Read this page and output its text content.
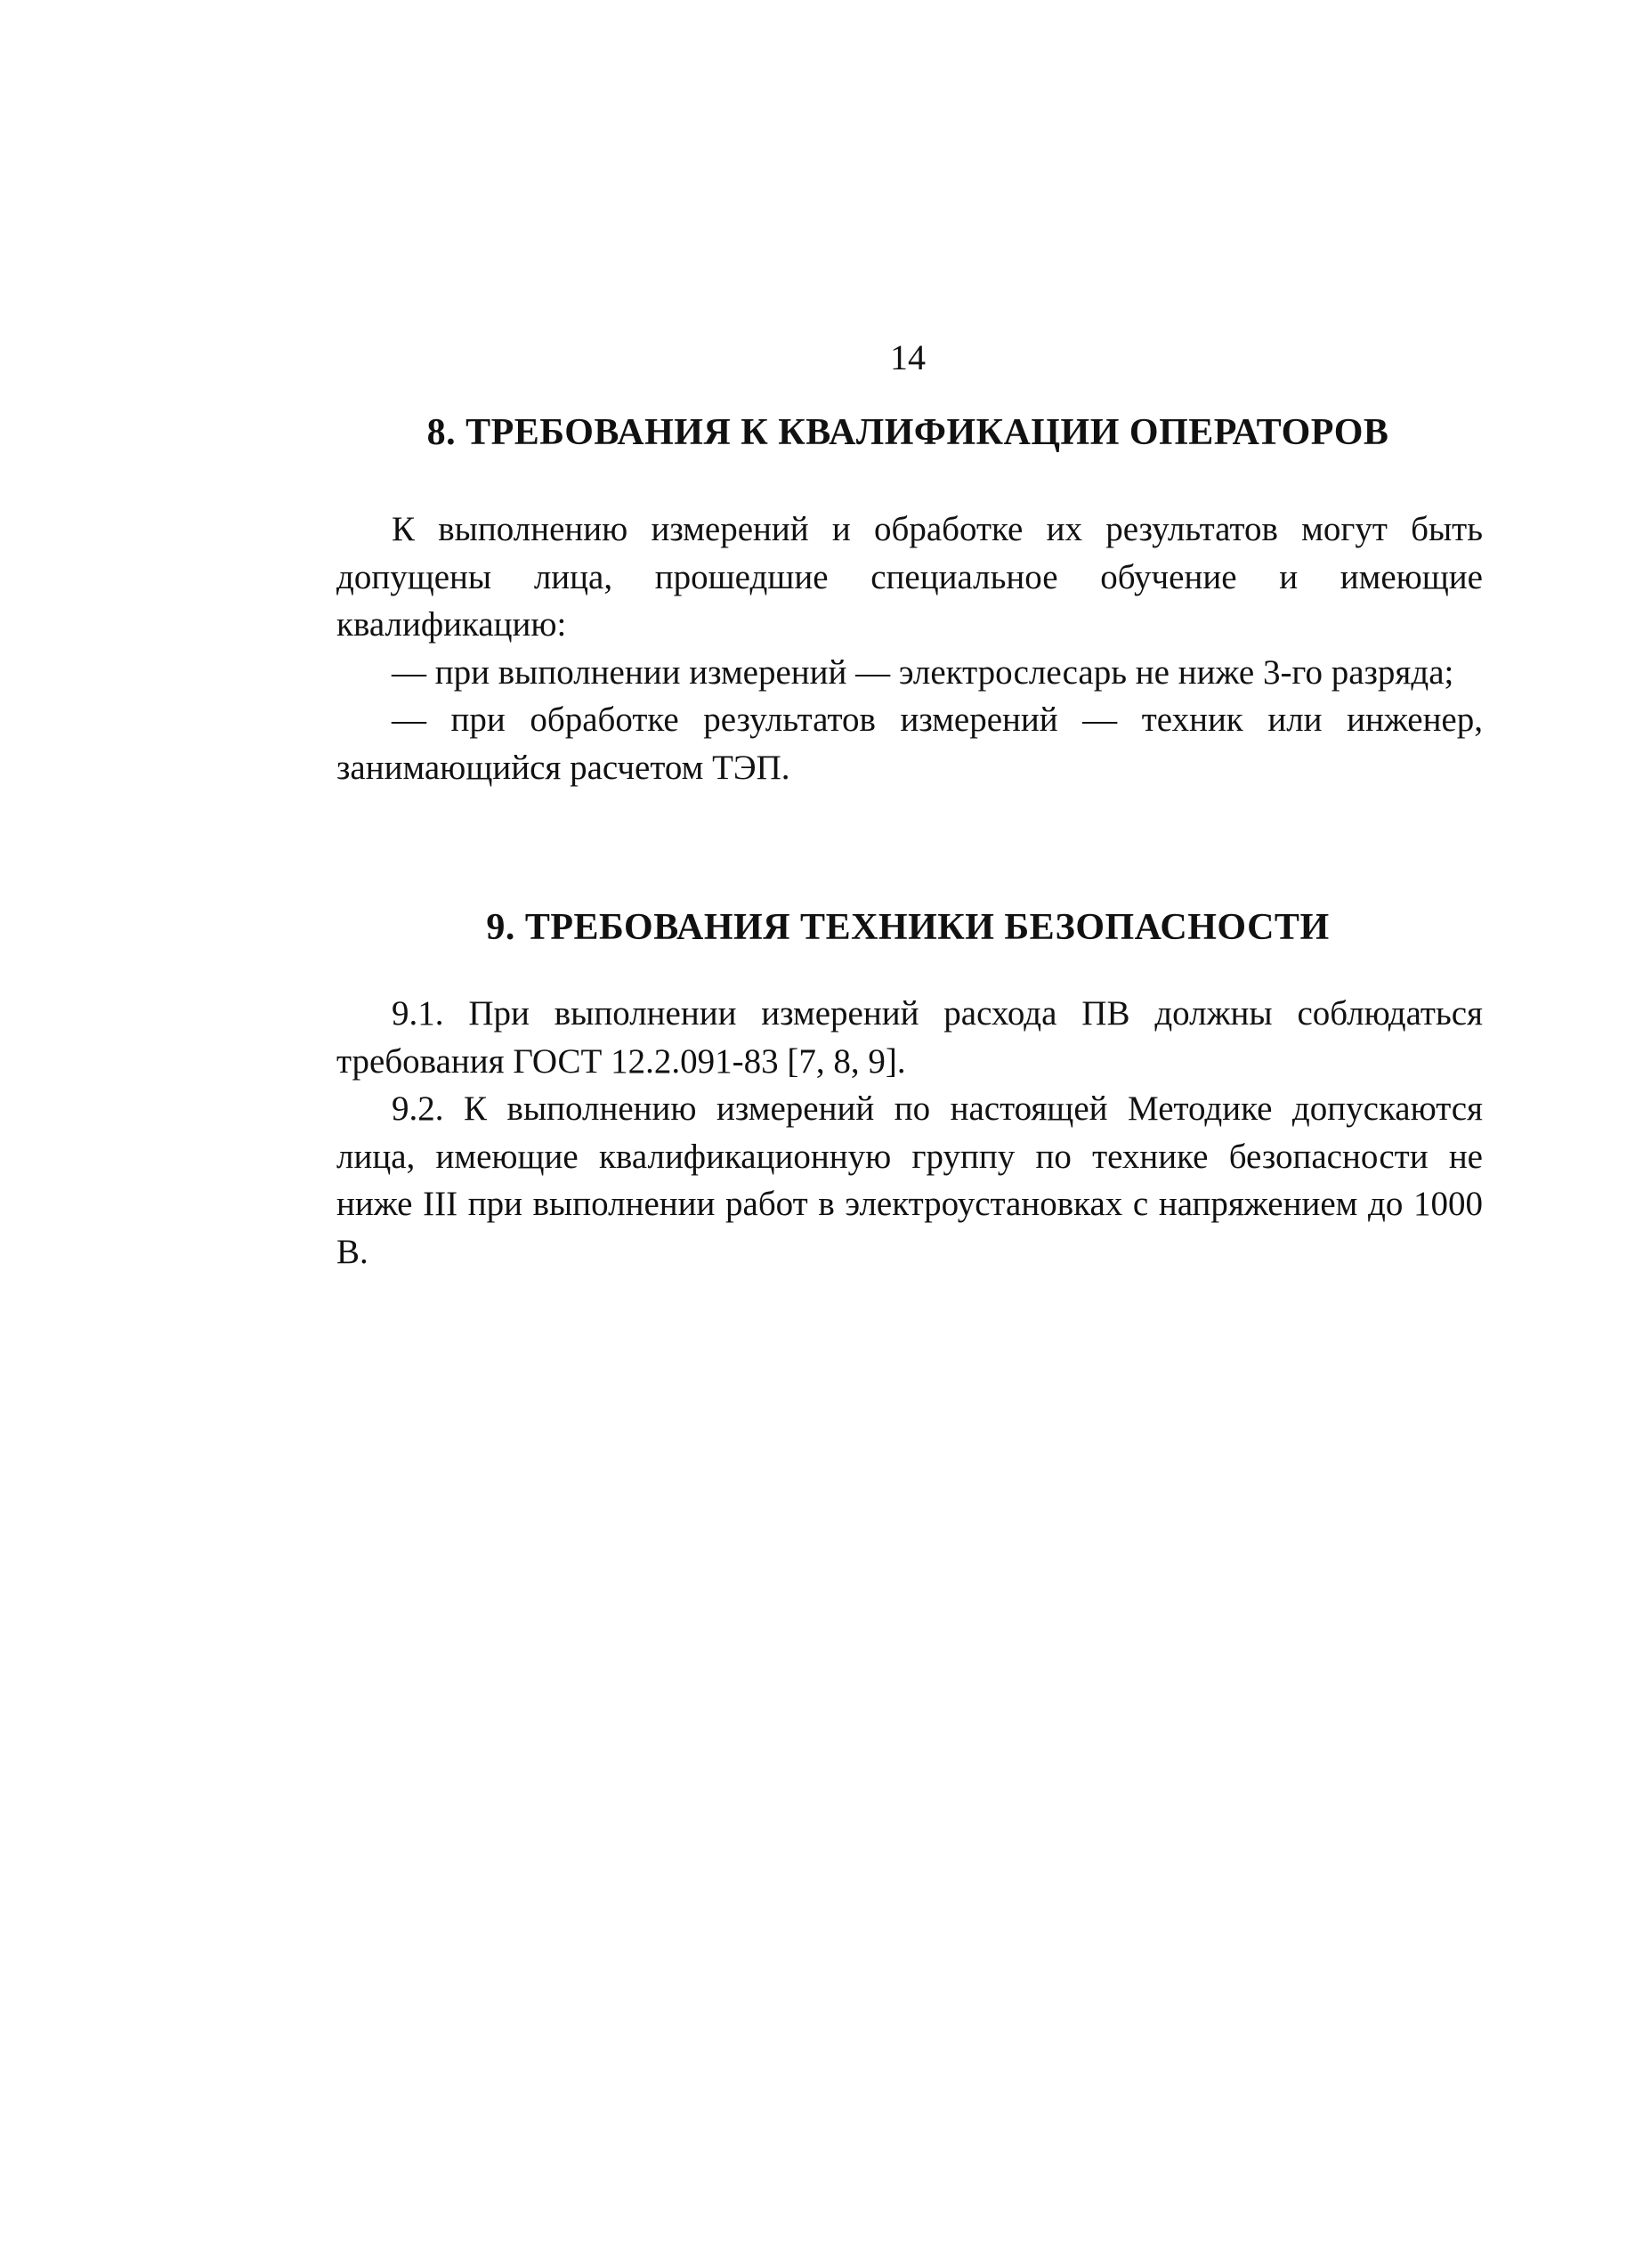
14
8. ТРЕБОВАНИЯ К КВАЛИФИКАЦИИ ОПЕРАТОРОВ

К выполнению измерений и обработке их результатов могут быть допущены лица, прошедшие специальное обучение и имеющие квалификацию:

— при выполнении измерений — электрослесарь не ниже 3-го разряда;

— при обработке результатов измерений — техник или инженер, занимающийся расчетом ТЭП.

9. ТРЕБОВАНИЯ ТЕХНИКИ БЕЗОПАСНОСТИ

9.1. При выполнении измерений расхода ПВ должны соблюдаться требования ГОСТ 12.2.091-83 [7, 8, 9].

9.2. К выполнению измерений по настоящей Методике допускаются лица, имеющие квалификационную группу по технике безопасности не ниже III при выполнении работ в электроустановках с напряжением до 1000 В.
